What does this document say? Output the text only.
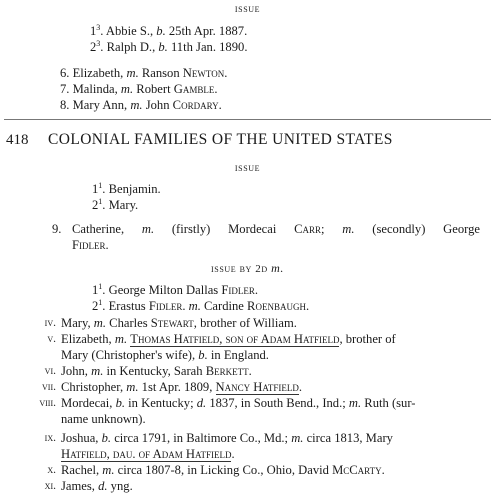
issue
$1^3$. Abbie S., b. 25th Apr. 1887.
$2^3$. Ralph D., b. 11th Jan. 1890.
6. Elizabeth, m. Ranson Newton.
7. Malinda, m. Robert Gamble.
8. Mary Ann, m. John Cordary.
418 COLONIAL FAMILIES OF THE UNITED STATES
issue
$1^1$. Benjamin.
$2^1$. Mary.
9. Catherine, m. (firstly) Mordecai Carr; m. (secondly) George
Fidler.
issue by 2d m.
$1^1$. George Milton Dallas Fidler.
$2^1$. Erastus Fidler. m. Cardine Roenbaugh.
iv. Mary, m. Charles Stewart, brother of William.
v. Elizabeth, m. Thomas Hatfield, son of Adam Hatfield, brother of
Mary (Christopher's wife), b. in England.
vi. John, m. in Kentucky, Sarah Berkett.
vii. Christopher, m. 1st Apr. 1809, Nancy Hatfield.
viii. Mordecai, b. in Kentucky; d. 1837, in South Bend., Ind.; m. Ruth (sur-
name unknown).
ix. Joshua, b. circa 1791, in Baltimore Co., Md.; m. circa 1813, Mary
Hatfield, dau. of Adam Hatfield.
x. Rachel, m. circa 1807-8, in Licking Co., Ohio, David McCarty.
xi. James, d. yng.
